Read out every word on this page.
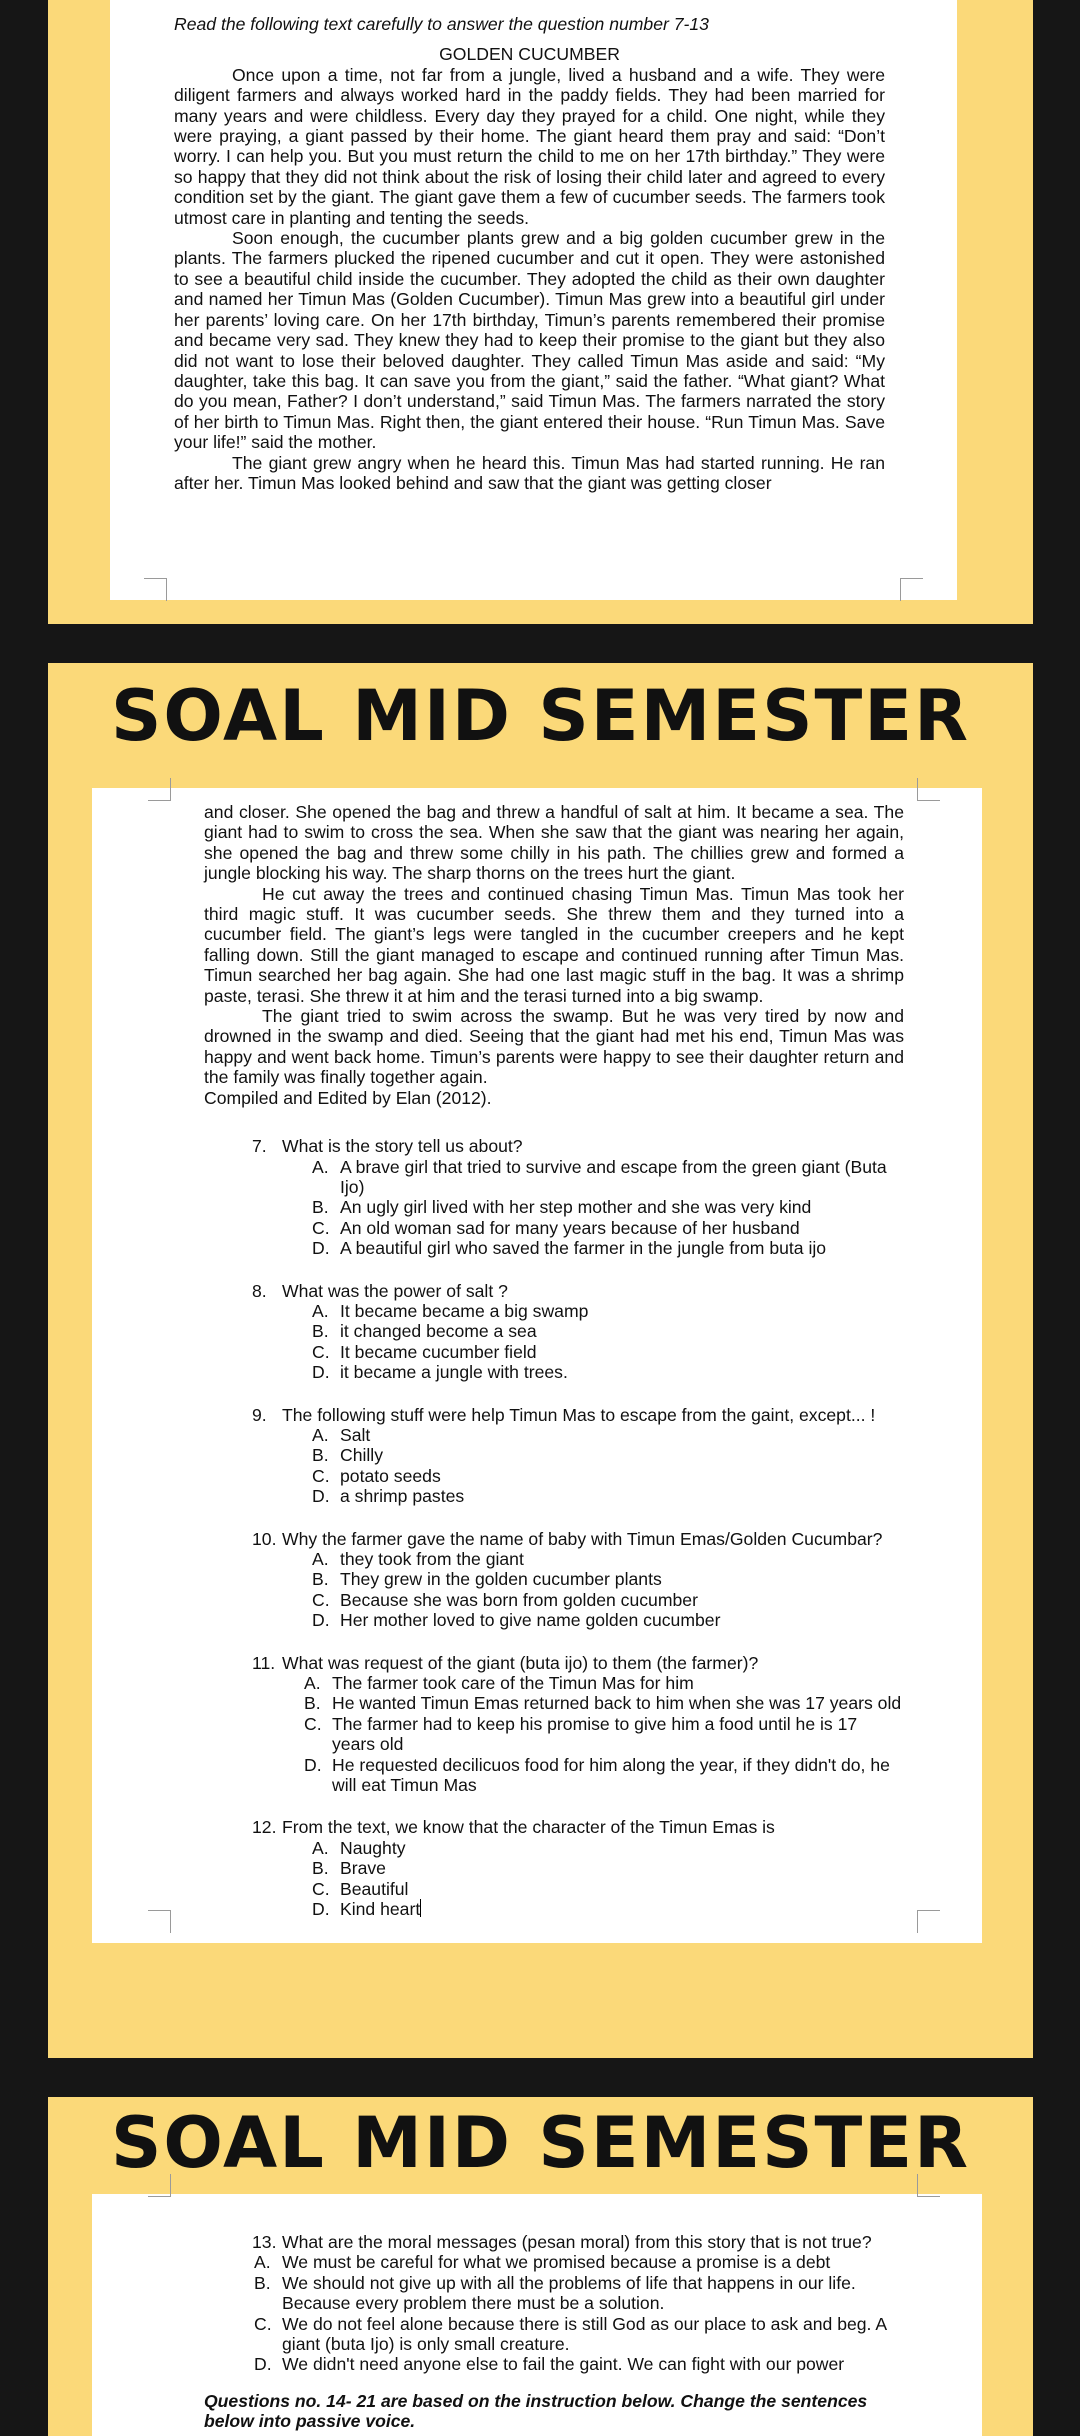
Read the following text carefully to answer the question number 7-13

GOLDEN CUCUMBER

Once upon a time, not far from a jungle, lived a husband and a wife. They were diligent farmers and always worked hard in the paddy fields. They had been married for many years and were childless. Every day they prayed for a child. One night, while they were praying, a giant passed by their home. The giant heard them pray and said: “Don’t worry. I can help you. But you must return the child to me on her 17th birthday.” They were so happy that they did not think about the risk of losing their child later and agreed to every condition set by the giant. The giant gave them a few of cucumber seeds. The farmers took utmost care in planting and tenting the seeds.

Soon enough, the cucumber plants grew and a big golden cucumber grew in the plants. The farmers plucked the ripened cucumber and cut it open. They were astonished to see a beautiful child inside the cucumber. They adopted the child as their own daughter and named her Timun Mas (Golden Cucumber). Timun Mas grew into a beautiful girl under her parents’ loving care. On her 17th birthday, Timun’s parents remembered their promise and became very sad. They knew they had to keep their promise to the giant but they also did not want to lose their beloved daughter. They called Timun Mas aside and said: “My daughter, take this bag. It can save you from the giant,” said the father. “What giant? What do you mean, Father? I don’t understand,” said Timun Mas. The farmers narrated the story of her birth to Timun Mas. Right then, the giant entered their house. “Run Timun Mas. Save your life!” said the mother.

The giant grew angry when he heard this. Timun Mas had started running. He ran after her. Timun Mas looked behind and saw that the giant was getting closer

SOAL MID SEMESTER

and closer. She opened the bag and threw a handful of salt at him. It became a sea. The giant had to swim to cross the sea. When she saw that the giant was nearing her again, she opened the bag and threw some chilly in his path. The chillies grew and formed a jungle blocking his way. The sharp thorns on the trees hurt the giant.

He cut away the trees and continued chasing Timun Mas. Timun Mas took her third magic stuff. It was cucumber seeds. She threw them and they turned into a cucumber field. The giant’s legs were tangled in the cucumber creepers and he kept falling down. Still the giant managed to escape and continued running after Timun Mas. Timun searched her bag again. She had one last magic stuff in the bag. It was a shrimp paste, terasi. She threw it at him and the terasi turned into a big swamp.

The giant tried to swim across the swamp. But he was very tired by now and drowned in the swamp and died. Seeing that the giant had met his end, Timun Mas was happy and went back home. Timun’s parents were happy to see their daughter return and the family was finally together again.

Compiled and Edited by Elan (2012).

7. What is the story tell us about?
A. A brave girl that tried to survive and escape from the green giant (Buta Ijo)
B. An ugly girl lived with her step mother and she was very kind
C. An old woman sad for many years because of her husband
D. A beautiful girl who saved the farmer in the jungle from buta ijo
8. What was the power of salt ?
A. It became became a big swamp
B. it changed become a sea
C. It became cucumber field
D. it became a jungle with trees.
9. The following stuff were help Timun Mas to escape from the gaint, except... !
A. Salt
B. Chilly
C. potato seeds
D. a shrimp pastes
10. Why the farmer gave the name of baby with Timun Emas/Golden Cucumbar?
A. they took from the giant
B. They grew in the golden cucumber plants
C. Because she was born from golden cucumber
D. Her mother loved to give name golden cucumber
11. What was request of the giant (buta ijo) to them (the farmer)?
A. The farmer took care of the Timun Mas for him
B. He wanted Timun Emas returned back to him when she was 17 years old
C. The farmer had to keep his promise to give him a food until he is 17 years old
D. He requested decilicuos food for him along the year, if they didn't do, he will eat Timun Mas
12. From the text, we know that the character of the Timun Emas is
A. Naughty
B. Brave
C. Beautiful
D. Kind heart
SOAL MID SEMESTER
13. What are the moral messages (pesan moral) from this story that is not true?
A. We must be careful for what we promised because a promise is a debt
B. We should not give up with all the problems of life that happens in our life. Because every problem there must be a solution.
C. We do not feel alone because there is still God as our place to ask and beg. A giant (buta Ijo) is only small creature.
D. We didn't need anyone else to fail the gaint. We can fight with our power

Questions no. 14- 21 are based on the instruction below. Change the sentences below into passive voice.
